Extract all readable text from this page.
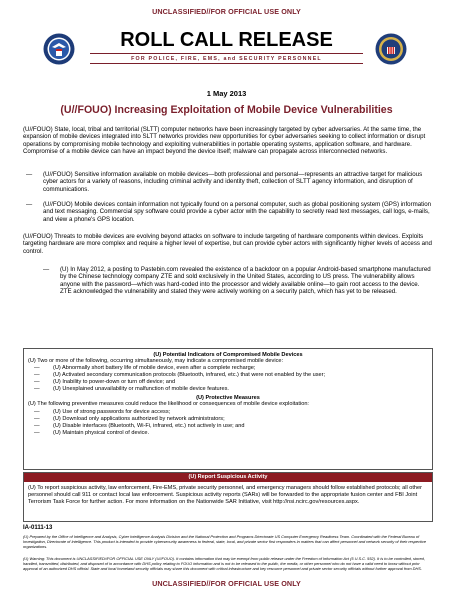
UNCLASSIFIED//FOR OFFICIAL USE ONLY
ROLL CALL RELEASE
FOR POLICE, FIRE, EMS, and SECURITY PERSONNEL
1 May 2013
(U//FOUO) Increasing Exploitation of Mobile Device Vulnerabilities
(U//FOUO) State, local, tribal and territorial (SLTT) computer networks have been increasingly targeted by cyber adversaries. At the same time, the expansion of mobile devices integrated into SLTT networks provides new opportunities for cyber adversaries seeking to collect information or disrupt operations by compromising mobile technology and exploiting vulnerabilities in portable operating systems, application software, and hardware. Compromise of a mobile device can have an impact beyond the device itself; malware can propagate across interconnected networks.
— (U//FOUO) Sensitive information available on mobile devices—both professional and personal—represents an attractive target for malicious cyber actors for a variety of reasons, including criminal activity and identity theft, collection of SLTT agency information, and disruption of communications.
— (U//FOUO) Mobile devices contain information not typically found on a personal computer, such as global positioning system (GPS) information and text messaging. Commercial spy software could provide a cyber actor with the capability to secretly read text messages, call logs, e-mails, and view a phone's GPS location.
(U//FOUO) Threats to mobile devices are evolving beyond attacks on software to include targeting of hardware components within devices. Exploits targeting hardware are more complex and require a higher level of expertise, but can provide cyber actors with significantly higher levels of access and control.
— (U) In May 2012, a posting to Pastebin.com revealed the existence of a backdoor on a popular Android-based smartphone manufactured by the Chinese technology company ZTE and sold exclusively in the United States, according to US press. The vulnerability allows anyone with the password—which was hard-coded into the processor and widely available online—to gain root access to the device. ZTE acknowledged the vulnerability and stated they were actively working on a security patch, which has yet to be released.
(U) Potential Indicators of Compromised Mobile Devices
(U) Two or more of the following, occurring simultaneously, may indicate a compromised mobile device:
— (U) Abnormally short battery life of mobile device, even after a complete recharge;
— (U) Activated secondary communication protocols (Bluetooth, infrared, etc.) that were not enabled by the user;
— (U) Inability to power-down or turn off device; and
— (U) Unexplained unavailability or malfunction of mobile device features.
(U) Protective Measures
(U) The following preventive measures could reduce the likelihood or consequences of mobile device exploitation:
— (U) Use of strong passwords for device access;
— (U) Download only applications authorized by network administrators;
— (U) Disable interfaces (Bluetooth, Wi-Fi, infrared, etc.) not actively in use; and
— (U) Maintain physical control of device.
(U) Report Suspicious Activity
(U) To report suspicious activity, law enforcement, Fire-EMS, private security personnel, and emergency managers should follow established protocols; all other personnel should call 911 or contact local law enforcement. Suspicious activity reports (SARs) will be forwarded to the appropriate fusion center and FBI Joint Terrorism Task Force for further action. For more information on the Nationwide SAR Initiative, visit http://nsi.ncirc.gov/resources.aspx.
IA-0111-13
(U) Prepared by the Office of Intelligence and Analysis, Cyber Intelligence Analysis Division and the National Protection and Programs Directorate US Computer Emergency Readiness Team. Coordinated with the Federal Bureau of Investigation, Directorate of Intelligence. This product is intended to provide cybersecurity awareness to federal, state, local, and private sector first responders in matters that can affect personnel and network security of their respective organizations.
(U) Warning: This document is UNCLASSIFIED//FOR OFFICIAL USE ONLY (U//FOUO). It contains information that may be exempt from public release under the Freedom of Information Act (5 U.S.C. 552). It is to be controlled, stored, handled, transmitted, distributed, and disposed of in accordance with DHS policy relating to FOUO information and is not to be released to the public, the media, or other personnel who do not have a valid need to know without prior approval of an authorized DHS official. State and local homeland security officials may share this document with critical infrastructure and key resource personnel and private sector security officials without further approval from DHS.
UNCLASSIFIED//FOR OFFICIAL USE ONLY
